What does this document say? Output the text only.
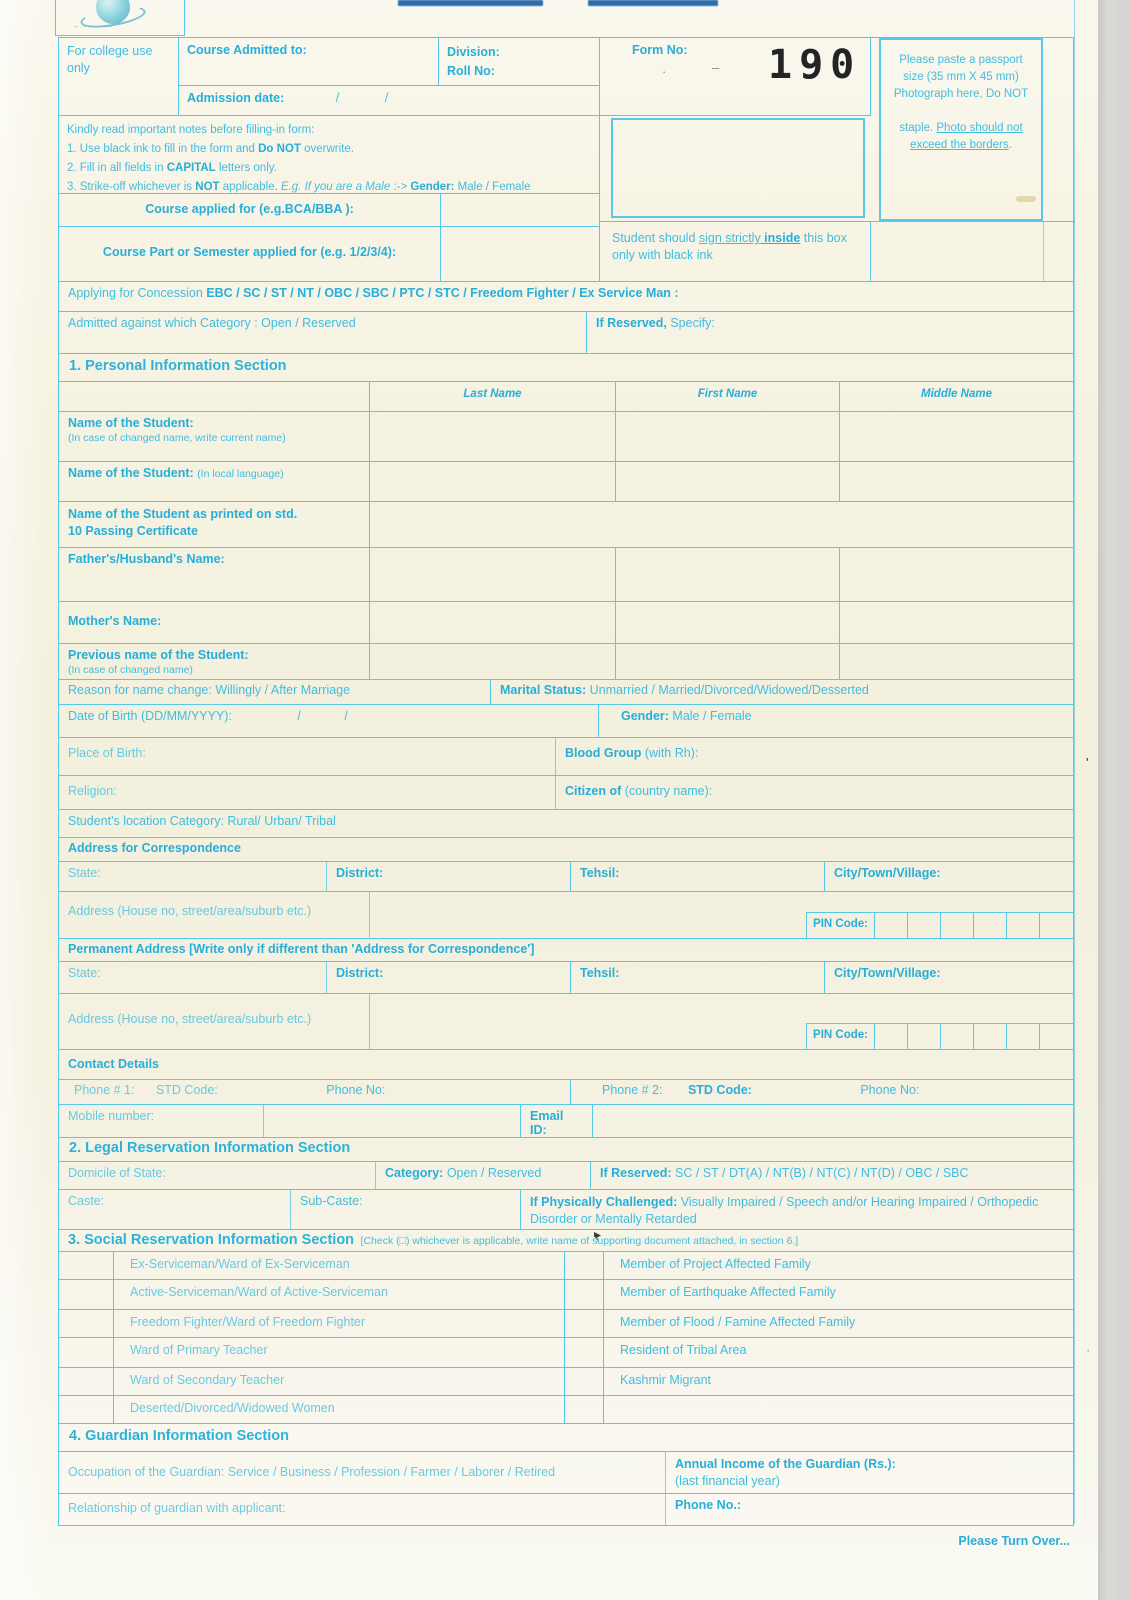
~·~·~·~·~
For college use only
Course Admitted to:	Division:
Roll No:
Admission date:	/	/
Form No: 190
·	–	Please paste a passport
size (35 mm X 45 mm)
Photograph here, Do NOT

staple. Photo should not
exceed the borders.
Kindly read important notes before filling-in form:
1. Use black ink to fill in the form and Do NOT overwrite.
2. Fill in all fields in CAPITAL letters only.
3. Strike-off whichever is NOT applicable. E.g. If you are a Male :-> Gender: Male / Female
Course applied for (e.g.BCA/BBA ):
Course Part or Semester applied for (e.g. 1/2/3/4):
Student should sign strictly inside this box only with black ink
Applying for Concession EBC / SC / ST / NT / OBC / SBC / PTC / STC / Freedom Fighter / Ex Service Man :
Admitted against which Category : Open / Reserved	If Reserved, Specify:
1. Personal Information Section
Last Name	First Name	Middle Name
Name of the Student:
(In case of changed name, write current name)
Name of the Student: (In local language)
Name of the Student as printed on std.
10 Passing Certificate
Father's/Husband's Name:
Mother's Name:
Previous name of the Student:
(In case of changed name)
Reason for name change: Willingly / After Marriage	Marital Status: Unmarried / Married/Divorced/Widowed/Desserted
Date of Birth (DD/MM/YYYY):	/	/	Gender: Male / Female
Place of Birth:	Blood Group (with Rh):
Religion:	Citizen of (country name):
Student's location Category: Rural/ Urban/ Tribal
Address for Correspondence
State:	District:	Tehsil:	City/Town/Village:
Address (House no, street/area/suburb etc.)
PIN Code:
Permanent Address [Write only if different than 'Address for Correspondence']
State:	District:	Tehsil:	City/Town/Village:
Address (House no, street/area/suburb etc.)
PIN Code:
Contact Details
Phone # 1: STD Code:	Phone No:	Phone # 2: STD Code:	Phone No:
Mobile number:	Email ID:
2. Legal Reservation Information Section
Domicile of State:	Category: Open / Reserved	If Reserved: SC / ST / DT(A) / NT(B) / NT(C) / NT(D) / OBC / SBC
Caste:	Sub-Caste:	If Physically Challenged: Visually Impaired / Speech and/or Hearing Impaired / Orthopedic Disorder or Mentally Retarded
3. Social Reservation Information Section [Check (□) whichever is applicable, write name of supporting document attached, in section 6.]
Ex-Serviceman/Ward of Ex-Serviceman	Member of Project Affected Family
Active-Serviceman/Ward of Active-Serviceman	Member of Earthquake Affected Family
Freedom Fighter/Ward of Freedom Fighter	Member of Flood / Famine Affected Family
Ward of Primary Teacher	Resident of Tribal Area
Ward of Secondary Teacher	Kashmir Migrant
Deserted/Divorced/Widowed Women
4. Guardian Information Section
Occupation of the Guardian: Service / Business / Profession / Farmer / Laborer / Retired
Annual Income of the Guardian (Rs.):
(last financial year)
Relationship of guardian with applicant:	Phone No.:
'
,
Please Turn Over...
